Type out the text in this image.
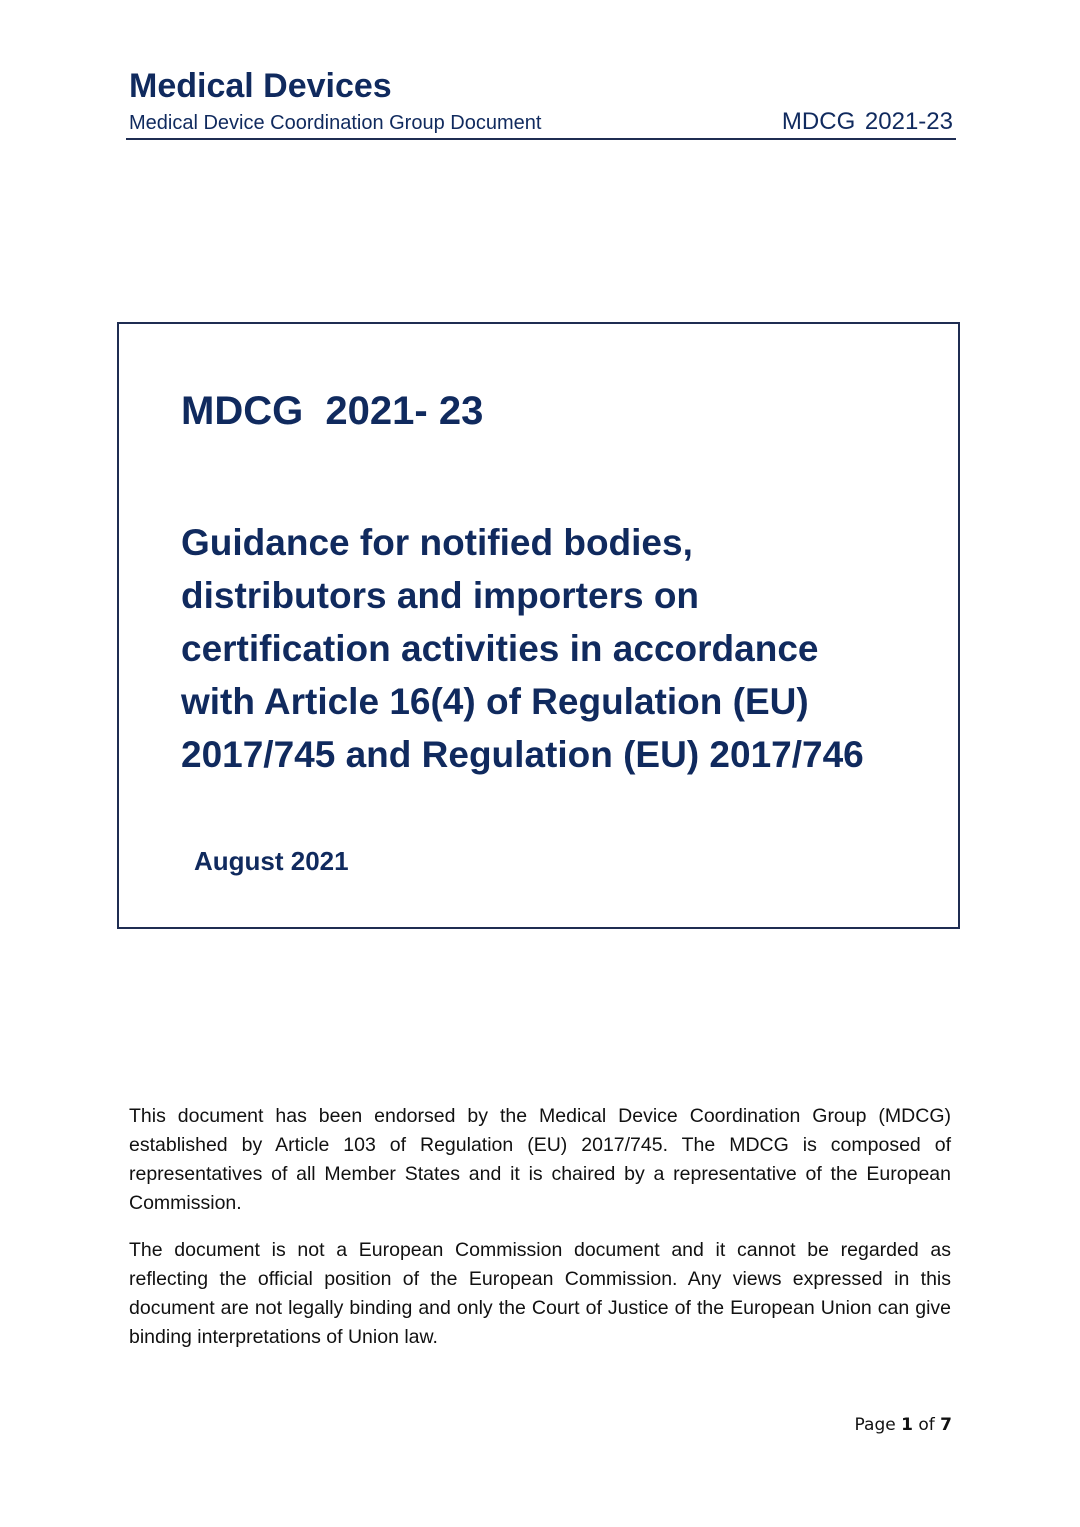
Medical Devices
Medical Device Coordination Group Document	MDCG 2021-23
MDCG  2021- 23
Guidance for notified bodies,
distributors and importers on
certification activities in accordance
with Article 16(4) of Regulation (EU)
2017/745 and Regulation (EU) 2017/746
August 2021

This document has been endorsed by the Medical Device Coordination Group (MDCG) established by Article 103 of Regulation (EU) 2017/745. The MDCG is composed of representatives of all Member States and it is chaired by a representative of the European Commission.

The document is not a European Commission document and it cannot be regarded as reflecting the official position of the European Commission. Any views expressed in this document are not legally binding and only the Court of Justice of the European Union can give binding interpretations of Union law.

Page 1 of 7
